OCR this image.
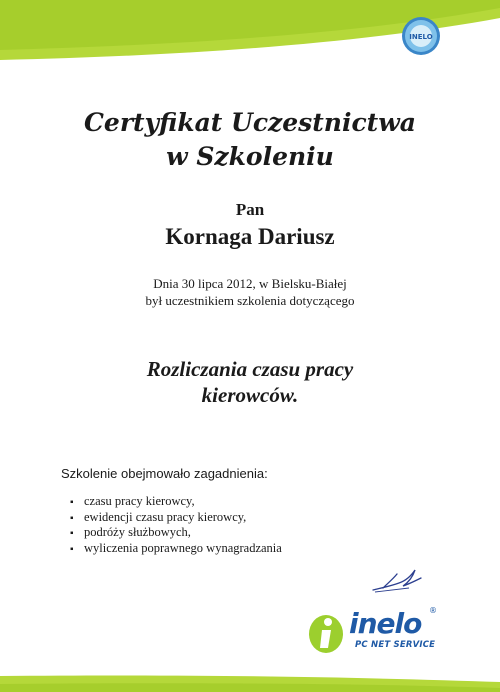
INELO
Certyfikat Uczestnictwa
w Szkoleniu
Pan
Kornaga Dariusz
Dnia 30 lipca 2012, w Bielsku-Białej
był uczestnikiem szkolenia dotyczącego
Rozliczania czasu pracy
kierowców.
Szkolenie obejmowało zagadnienia:
▪ czasu pracy kierowcy,
▪ ewidencji czasu pracy kierowcy,
▪ podróży służbowych,
▪ wyliczenia poprawnego wynagradzania
inelo ®
PC NET SERVICE
